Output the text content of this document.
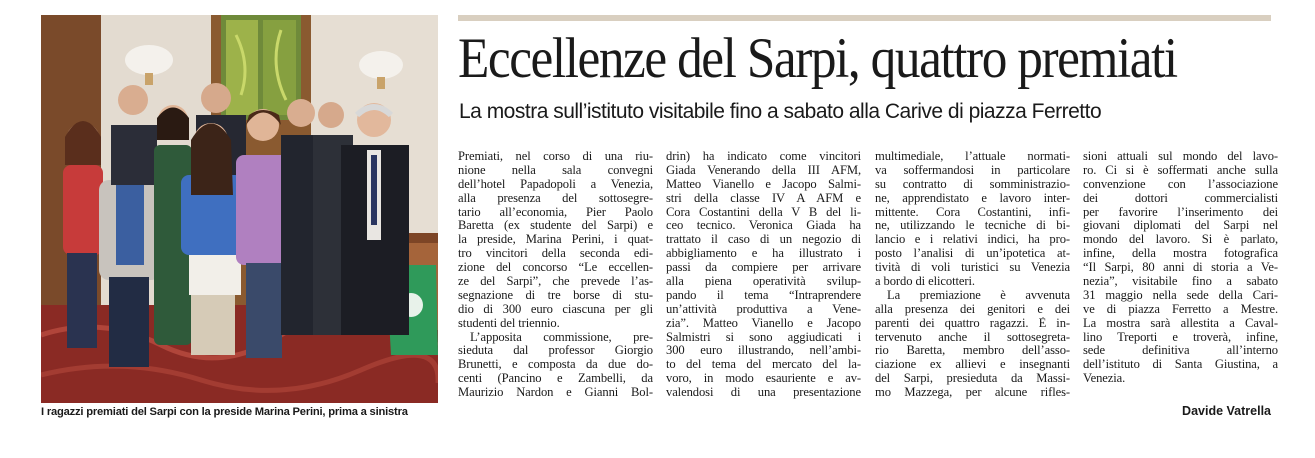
I ragazzi premiati del Sarpi con la preside Marina Perini, prima a sinistra
Eccellenze del Sarpi, quattro premiati
La mostra sull’istituto visitabile fino a sabato alla Carive di piazza Ferretto
Premiati, nel corso di una riu-
nione nella sala convegni
dell’hotel Papadopoli a Venezia,
alla presenza del sottosegre-
tario all’economia, Pier Paolo
Baretta (ex studente del Sarpi) e
la preside, Marina Perini, i quat-
tro vincitori della seconda edi-
zione del concorso “Le eccellen-
ze del Sarpi”, che prevede l’as-
segnazione di tre borse di stu-
dio di 300 euro ciascuna per gli
studenti del triennio.
L’apposita commissione, pre-
sieduta dal professor Giorgio
Brunetti, e composta da due do-
centi (Pancino e Zambelli, da
Maurizio Nardon e Gianni Bol-
drin) ha indicato come vincitori
Giada Venerando della III AFM,
Matteo Vianello e Jacopo Salmi-
stri della classe IV A AFM e
Cora Costantini della V B del li-
ceo tecnico. Veronica Giada ha
trattato il caso di un negozio di
abbigliamento e ha illustrato i
passi da compiere per arrivare
alla piena operatività svilup-
pando il tema “Intraprendere
un’attività produttiva a Vene-
zia”. Matteo Vianello e Jacopo
Salmistri si sono aggiudicati i
300 euro illustrando, nell’ambi-
to del tema del mercato del la-
voro, in modo esauriente e av-
valendosi di una presentazione
multimediale, l’attuale normati-
va soffermandosi in particolare
su contratto di somministrazio-
ne, apprendistato e lavoro inter-
mittente. Cora Costantini, infi-
ne, utilizzando le tecniche di bi-
lancio e i relativi indici, ha pro-
posto l’analisi di un’ipotetica at-
tività di voli turistici su Venezia
a bordo di elicotteri.
La premiazione è avvenuta
alla presenza dei genitori e dei
parenti dei quattro ragazzi. È in-
tervenuto anche il sottosegreta-
rio Baretta, membro dell’asso-
ciazione ex allievi e insegnanti
del Sarpi, presieduta da Massi-
mo Mazzega, per alcune rifles-
sioni attuali sul mondo del lavo-
ro. Ci si è soffermati anche sulla
convenzione con l’associazione
dei dottori commercialisti
per favorire l’inserimento dei
giovani diplomati del Sarpi nel
mondo del lavoro. Si è parlato,
infine, della mostra fotografica
“Il Sarpi, 80 anni di storia a Ve-
nezia”, visitabile fino a sabato
31 maggio nella sede della Cari-
ve di piazza Ferretto a Mestre.
La mostra sarà allestita a Caval-
lino Treporti e troverà, infine,
sede definitiva all’interno
dell’istituto di Santa Giustina, a
Venezia.
Davide Vatrella
